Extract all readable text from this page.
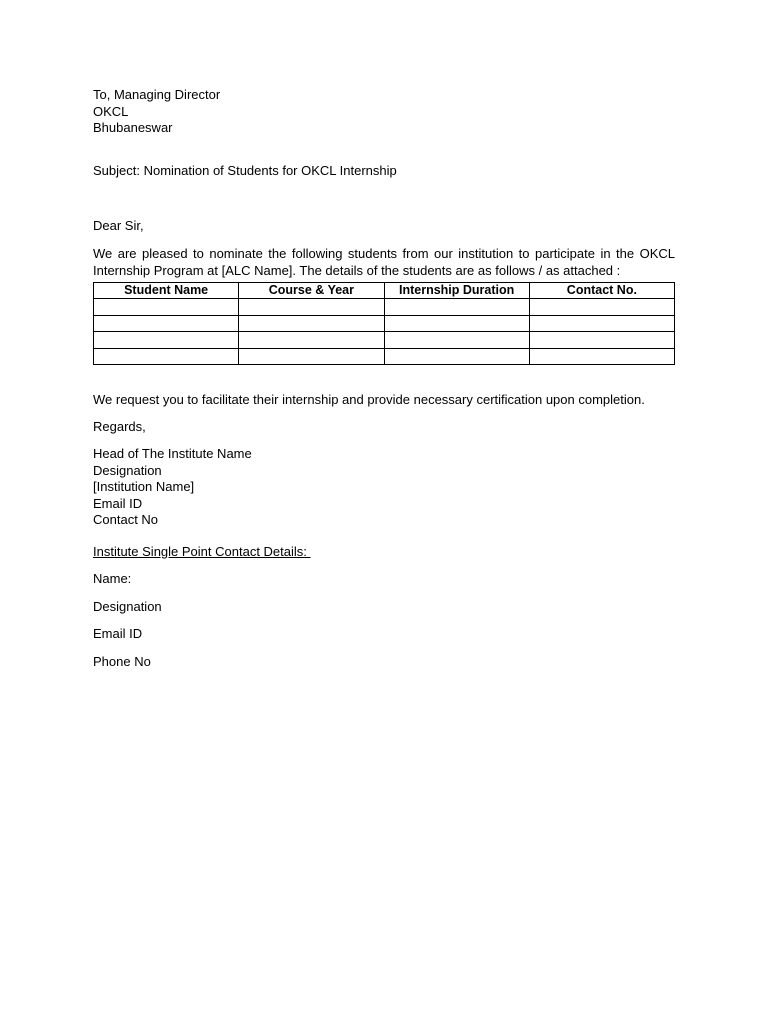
To, Managing Director
OKCL
Bhubaneswar
Subject: Nomination of Students for OKCL Internship
Dear Sir,
We are pleased to nominate the following students from our institution to participate in the OKCL Internship Program at [ALC Name]. The details of the students are as follows / as attached :
Student Name	Course & Year	Internship Duration	Contact No.

We request you to facilitate their internship and provide necessary certification upon completion.
Regards,
Head of The Institute Name
Designation
[Institution Name]
Email ID
Contact No
Institute Single Point Contact Details:
Name:
Designation
Email ID
Phone No
